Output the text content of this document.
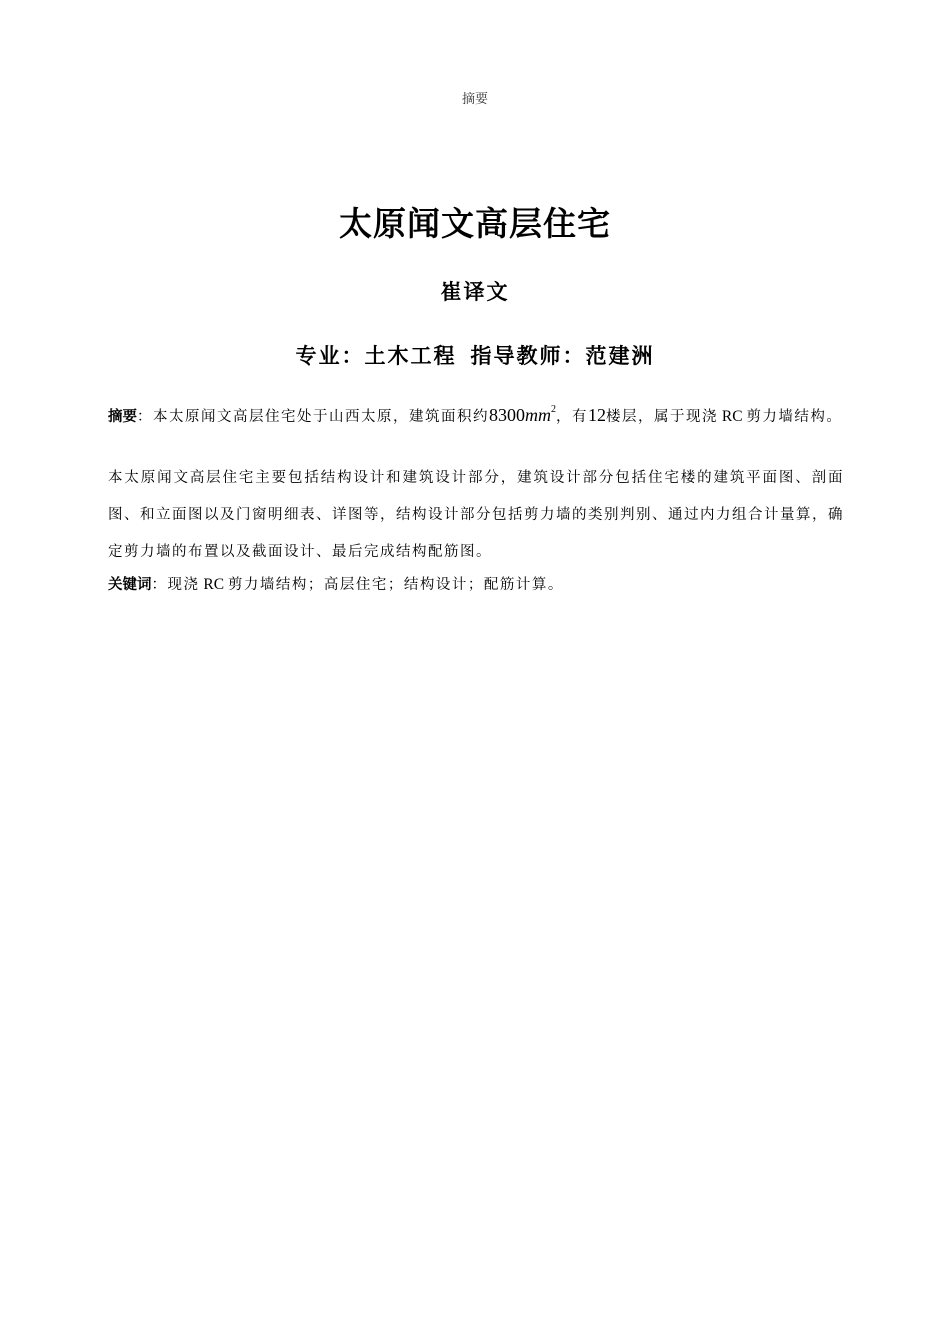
摘要
太原闻文高层住宅
崔译文
专业：土木工程 指导教师：范建洲
摘要：本太原闻文高层住宅处于山西太原，建筑面积约$8300mm^2$，有12楼层，属于现浇 RC 剪力墙结构。
本太原闻文高层住宅主要包括结构设计和建筑设计部分，建筑设计部分包括住宅楼的建筑平面图、剖面图、和立面图以及门窗明细表、详图等，结构设计部分包括剪力墙的类别判别、通过内力组合计量算，确定剪力墙的布置以及截面设计、最后完成结构配筋图。
关键词：现浇 RC 剪力墙结构；高层住宅；结构设计；配筋计算。
